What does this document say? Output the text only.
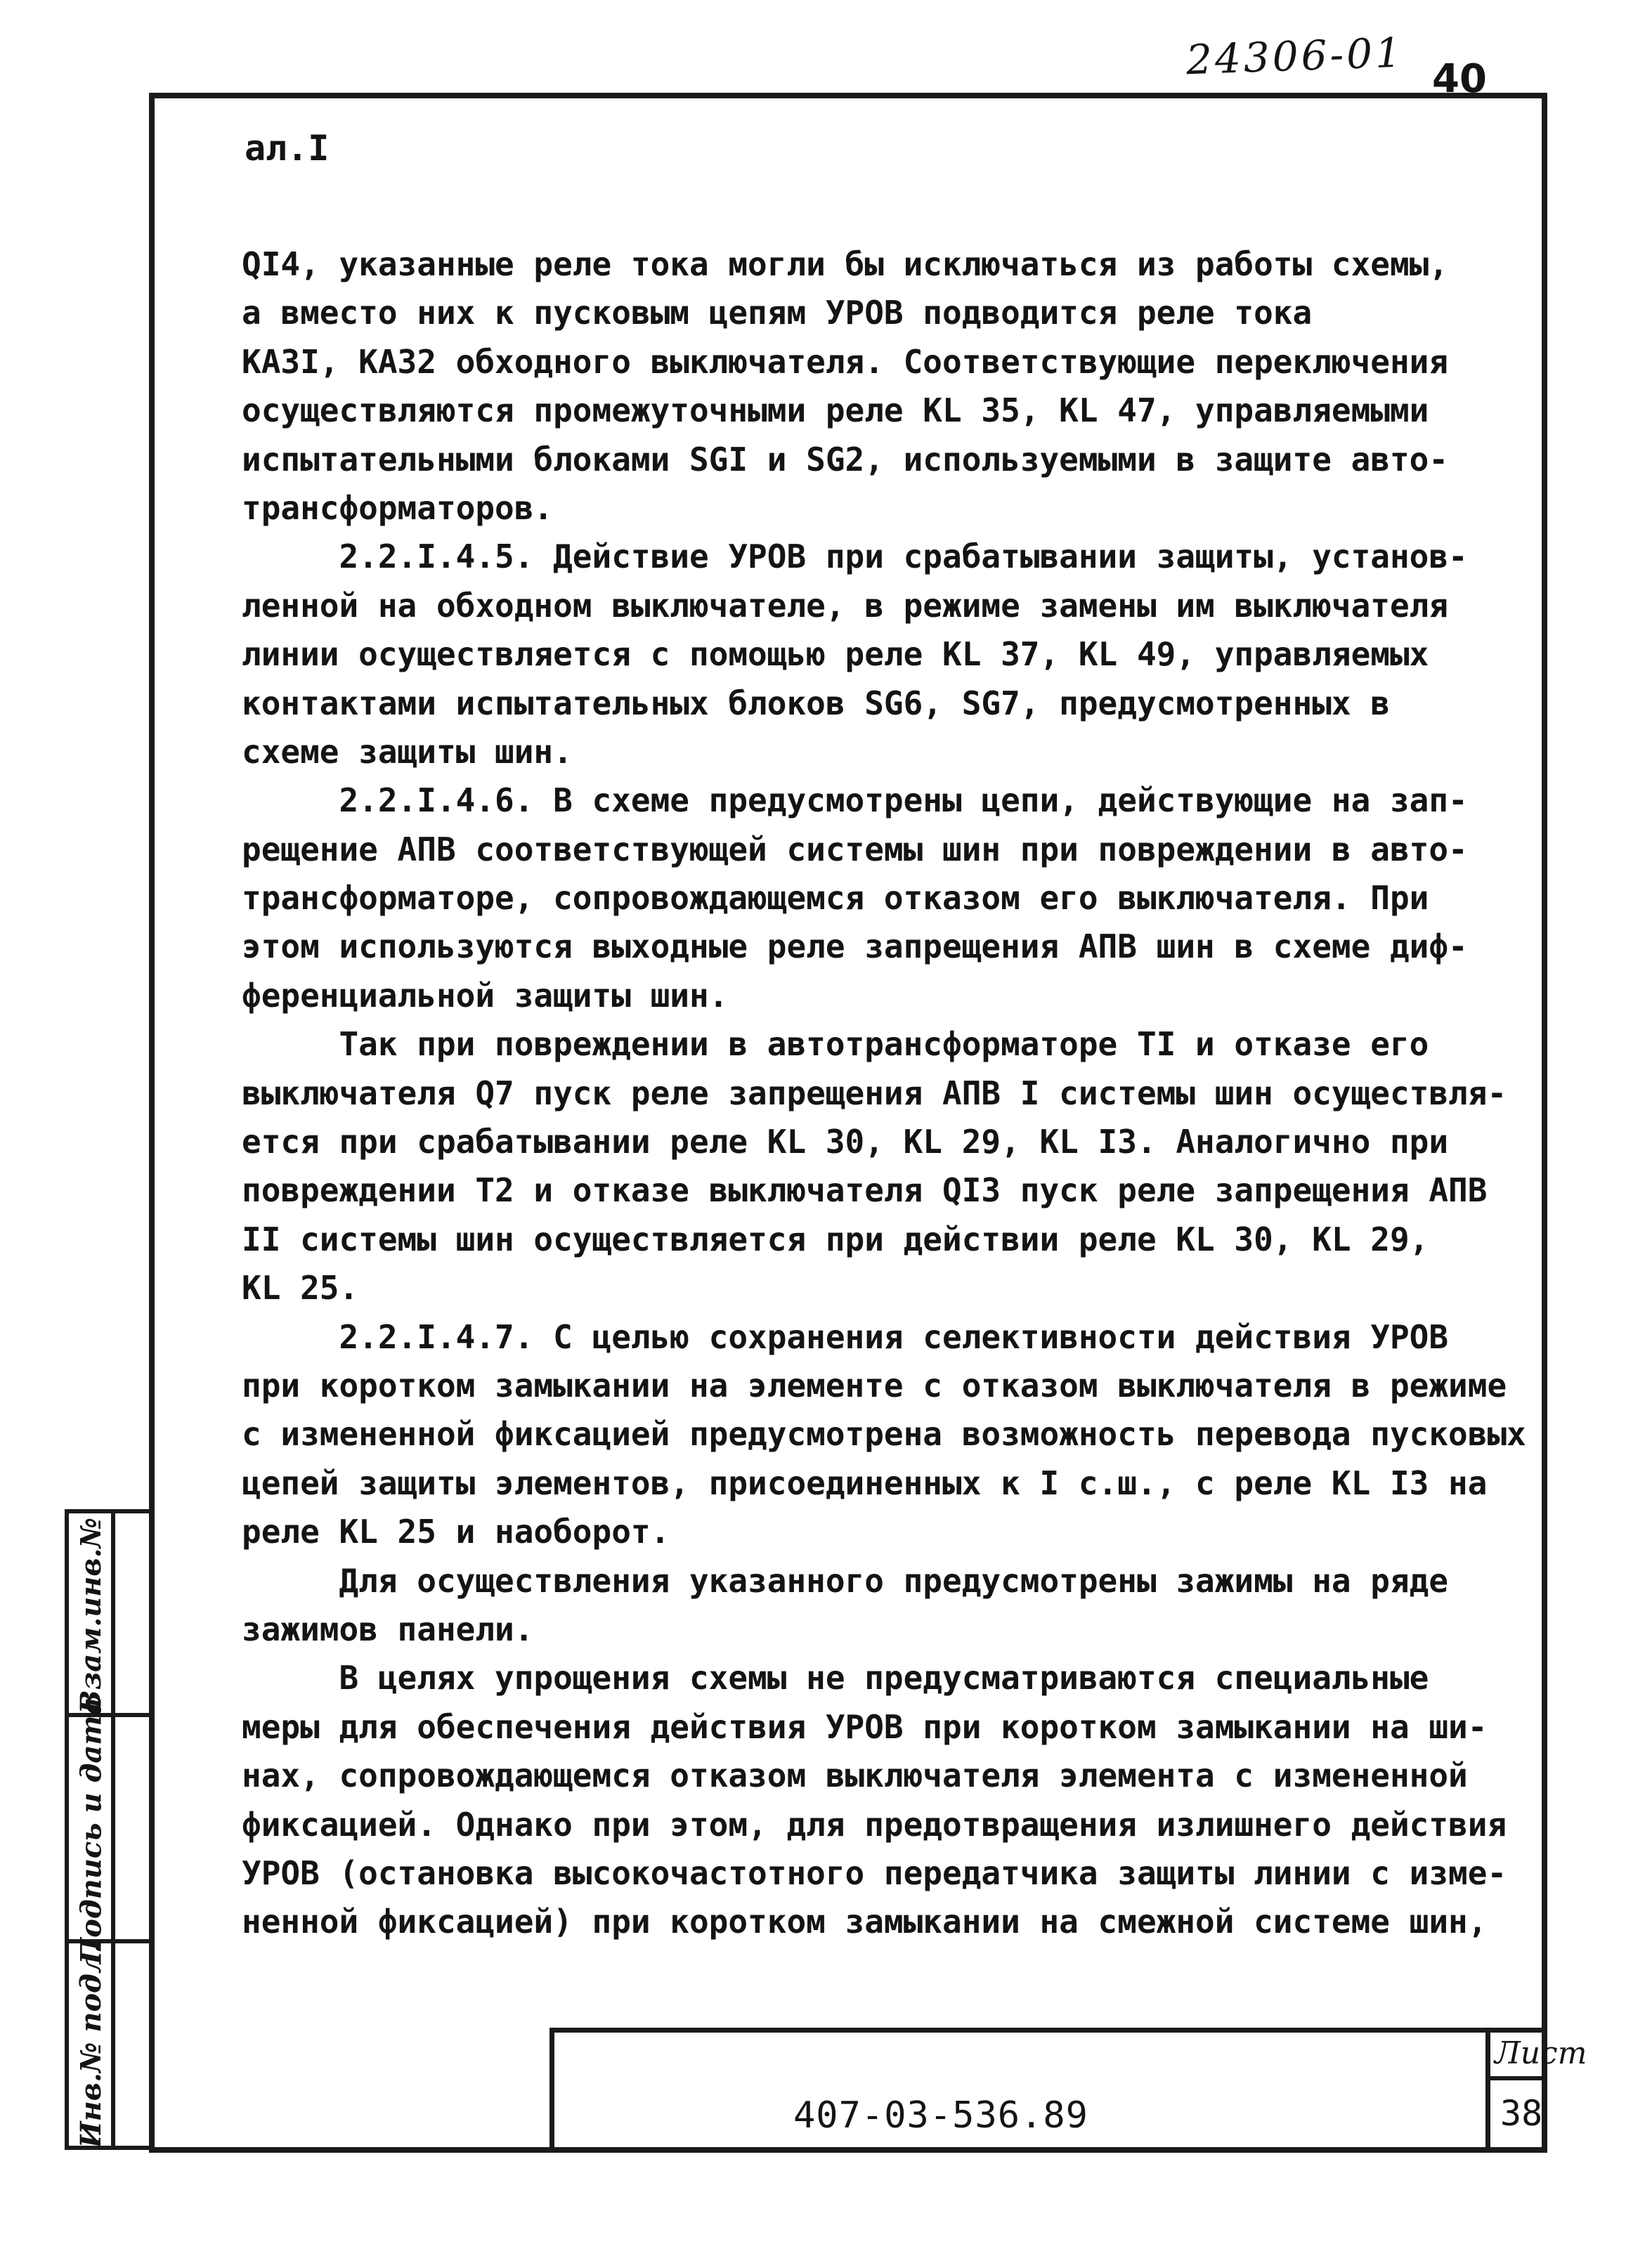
24306-01 40
ал.I
QI4, указанные реле тока могли бы исключаться из работы схемы,
а вместо них к пусковым цепям УРОВ подводится реле тока
КАЗI, КАЗ2 обходного выключателя. Соответствующие переключения
осуществляются промежуточными реле KL 35, KL 47, управляемыми
испытательными блоками SGI и SG2, используемыми в защите авто-
трансформаторов.
2.2.I.4.5. Действие УРОВ при срабатывании защиты, установ-
ленной на обходном выключателе, в режиме замены им выключателя
линии осуществляется с помощью реле KL 37, KL 49, управляемых
контактами испытательных блоков SG6, SG7, предусмотренных в
схеме защиты шин.
2.2.I.4.6. В схеме предусмотрены цепи, действующие на зап-
рещение АПВ соответствующей системы шин при повреждении в авто-
трансформаторе, сопровождающемся отказом его выключателя. При
этом используются выходные реле запрещения АПВ шин в схеме диф-
ференциальной защиты шин.
Так при повреждении в автотрансформаторе TI и отказе его
выключателя Q7 пуск реле запрещения АПВ I системы шин осуществля-
ется при срабатывании реле KL 30, KL 29, KL I3. Аналогично при
повреждении Т2 и отказе выключателя QI3 пуск реле запрещения АПВ
II системы шин осуществляется при действии реле KL 30, KL 29,
KL 25.
2.2.I.4.7. С целью сохранения селективности действия УРОВ
при коротком замыкании на элементе с отказом выключателя в режиме
с измененной фиксацией предусмотрена возможность перевода пусковых
цепей защиты элементов, присоединенных к I с.ш., с реле KL I3 на
реле KL 25 и наоборот.
Для осуществления указанного предусмотрены зажимы на ряде
зажимов панели.
В целях упрощения схемы не предусматриваются специальные
меры для обеспечения действия УРОВ при коротком замыкании на ши-
нах, сопровождающемся отказом выключателя элемента с измененной
фиксацией. Однако при этом, для предотвращения излишнего действия
УРОВ (остановка высокочастотного передатчика защиты линии с изме-
ненной фиксацией) при коротком замыкании на смежной системе шин,
Взам.инв.№
Подпись и дата
Инв.№ подл.	407-03-536.89
Лист
38
